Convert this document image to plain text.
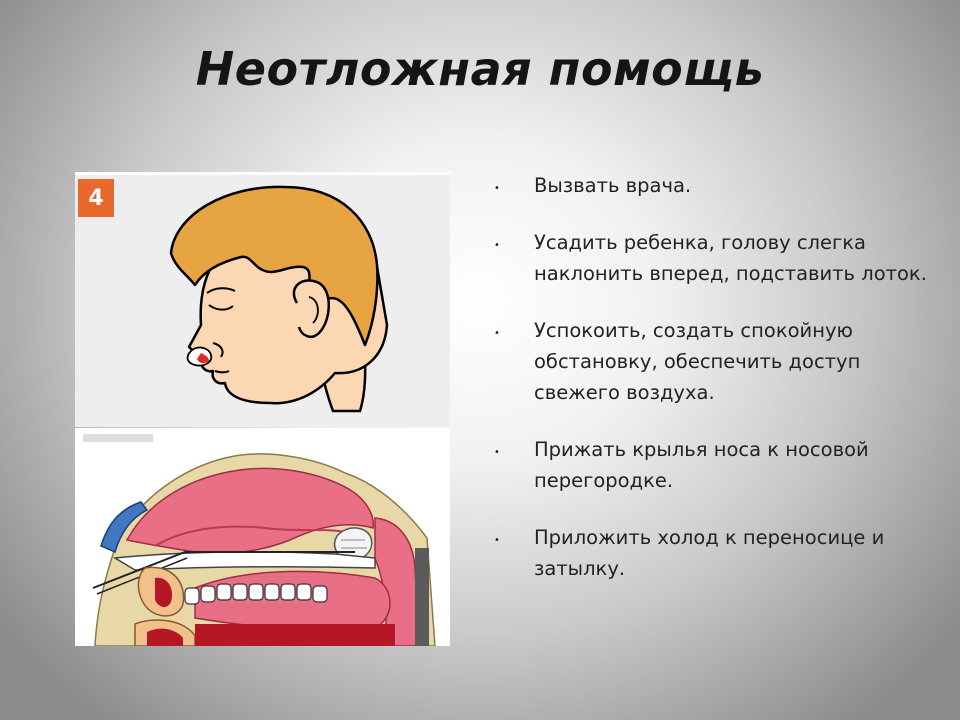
Неотложная помощь
4	• Вызвать врача.
• Усадить ребенка, голову слегка наклонить вперед, подставить лоток.
• Успокоить, создать спокойную обстановку, обеспечить доступ свежего воздуха.
• Прижать крылья носа к носовой перегородке.
• Приложить холод к переносице и затылку.
